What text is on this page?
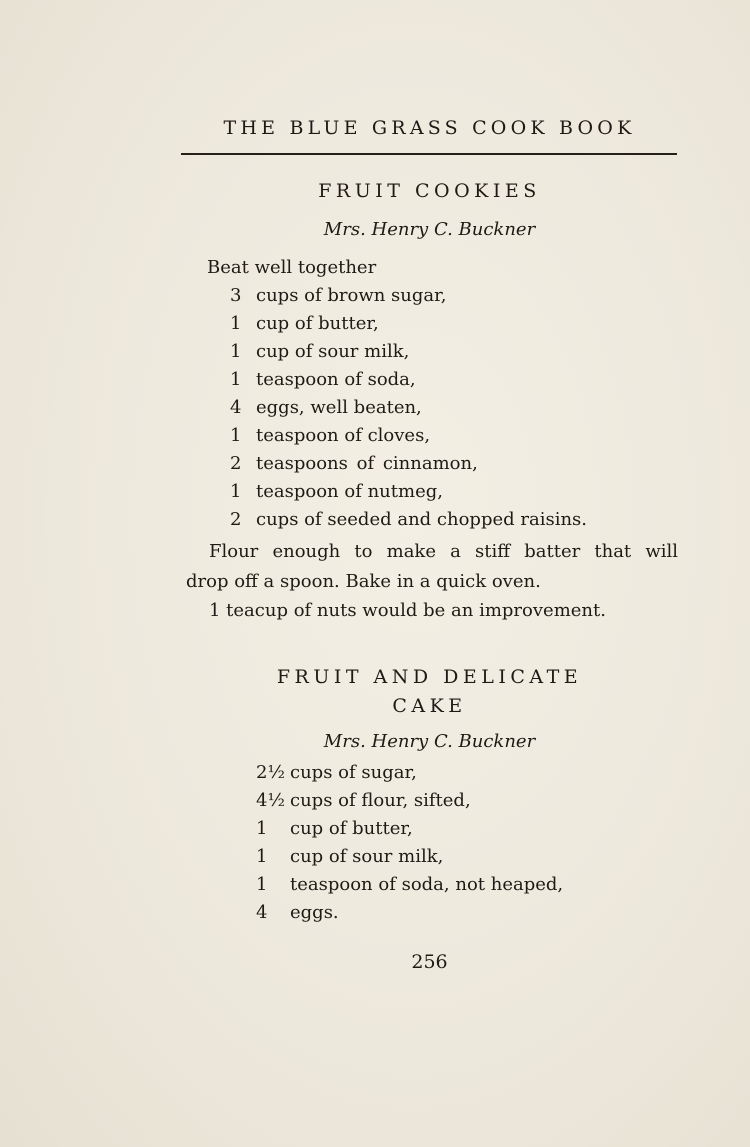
THE BLUE GRASS COOK BOOK
FRUIT COOKIES
Mrs. Henry C. Buckner
Beat well together
3 cups of brown sugar,
1 cup of butter,
1 cup of sour milk,
1 teaspoon of soda,
4 eggs, well beaten,
1 teaspoon of cloves,
2 teaspoons of cinnamon,
1 teaspoon of nutmeg,
2 cups of seeded and chopped raisins.
Flour enough to make a stiff batter that will
drop off a spoon. Bake in a quick oven.
1 teacup of nuts would be an improvement.
FRUIT AND DELICATE
CAKE
Mrs. Henry C. Buckner
2½ cups of sugar,
4½ cups of flour, sifted,
1 cup of butter,
1 cup of sour milk,
1 teaspoon of soda, not heaped,
4 eggs.
256
